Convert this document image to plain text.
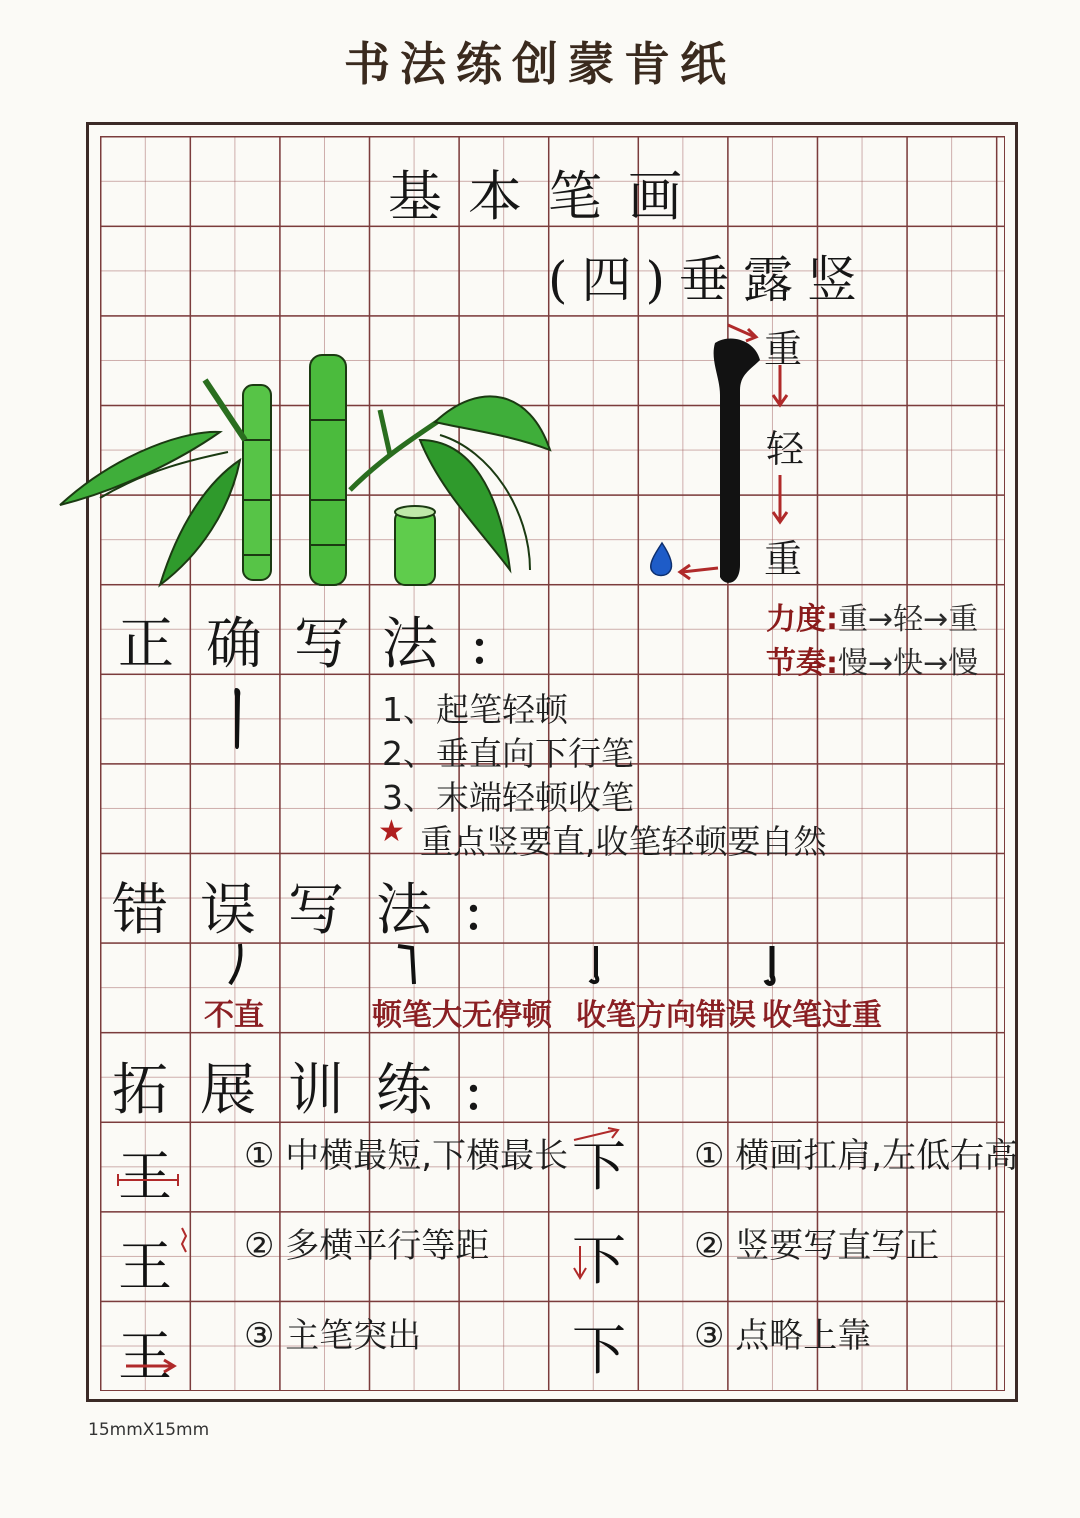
书法练创蒙肯纸
基本笔画
(四)垂露竖
重
轻
重
力度:重→轻→重
节奏:慢→快→慢
正确写法:
1、起笔轻顿
2、垂直向下行笔
3、末端轻顿收笔
★ 重点竖要直,收笔轻顿要自然
错误写法:
不直	顿笔大无停顿 收笔方向错误 收笔过重
拓展训练:
王
王
王
① 中横最短,下横最长
② 多横平行等距
③ 主笔突出
下
下
下
① 横画扛肩,左低右高
② 竖要写直写正
③ 点略上靠
15mmX15mm
